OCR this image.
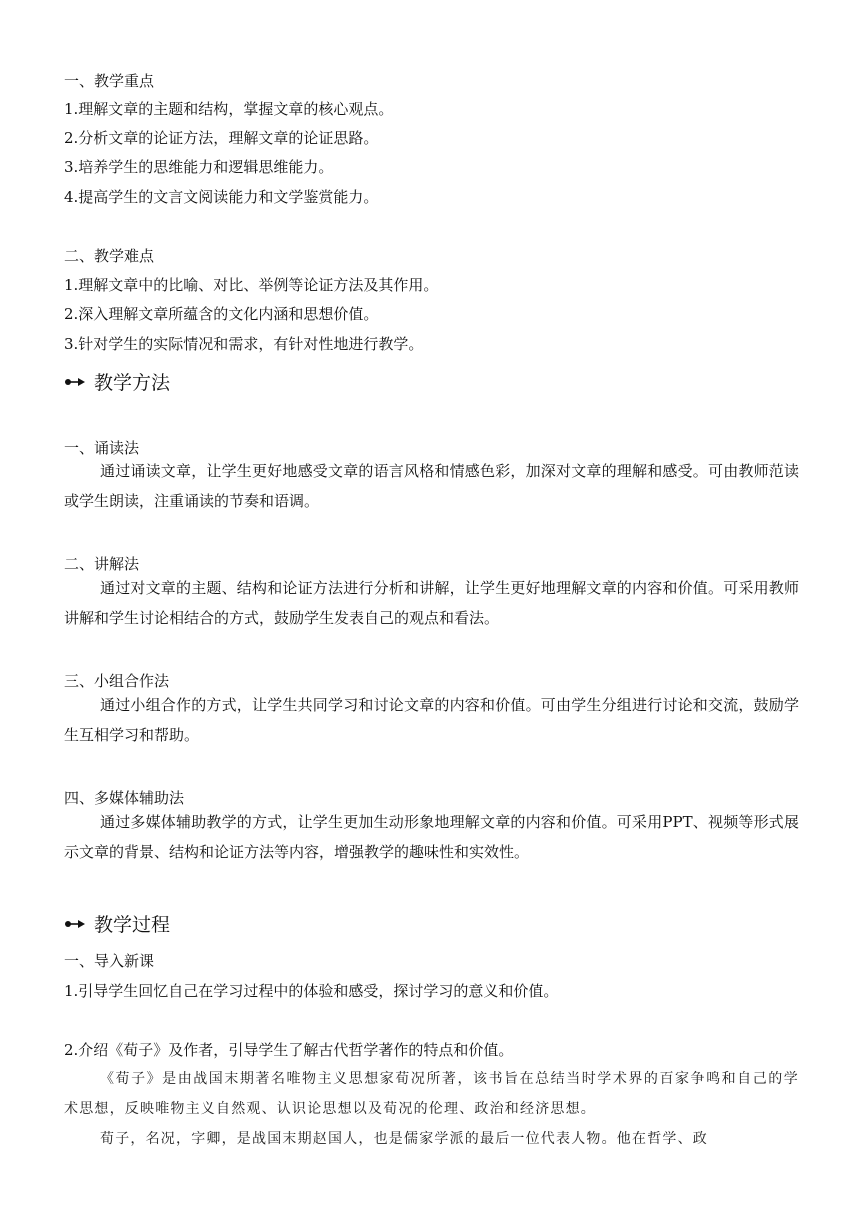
一、教学重点
1.理解文章的主题和结构，掌握文章的核心观点。
2.分析文章的论证方法，理解文章的论证思路。
3.培养学生的思维能力和逻辑思维能力。
4.提高学生的文言文阅读能力和文学鉴赏能力。
二、教学难点
1.理解文章中的比喻、对比、举例等论证方法及其作用。
2.深入理解文章所蕴含的文化内涵和思想价值。
3.针对学生的实际情况和需求，有针对性地进行教学。
教学方法
一、诵读法
通过诵读文章，让学生更好地感受文章的语言风格和情感色彩，加深对文章的理解和感受。可由教师范读或学生朗读，注重诵读的节奏和语调。
二、讲解法
通过对文章的主题、结构和论证方法进行分析和讲解，让学生更好地理解文章的内容和价值。可采用教师讲解和学生讨论相结合的方式，鼓励学生发表自己的观点和看法。
三、小组合作法
通过小组合作的方式，让学生共同学习和讨论文章的内容和价值。可由学生分组进行讨论和交流，鼓励学生互相学习和帮助。
四、多媒体辅助法
通过多媒体辅助教学的方式，让学生更加生动形象地理解文章的内容和价值。可采用PPT、视频等形式展示文章的背景、结构和论证方法等内容，增强教学的趣味性和实效性。
教学过程
一、导入新课
1.引导学生回忆自己在学习过程中的体验和感受，探讨学习的意义和价值。
2.介绍《荀子》及作者，引导学生了解古代哲学著作的特点和价值。
《荀子》是由战国末期著名唯物主义思想家荀况所著，该书旨在总结当时学术界的百家争鸣和自己的学术思想，反映唯物主义自然观、认识论思想以及荀况的伦理、政治和经济思想。
荀子，名况，字卿，是战国末期赵国人，也是儒家学派的最后一位代表人物。他在哲学、政
